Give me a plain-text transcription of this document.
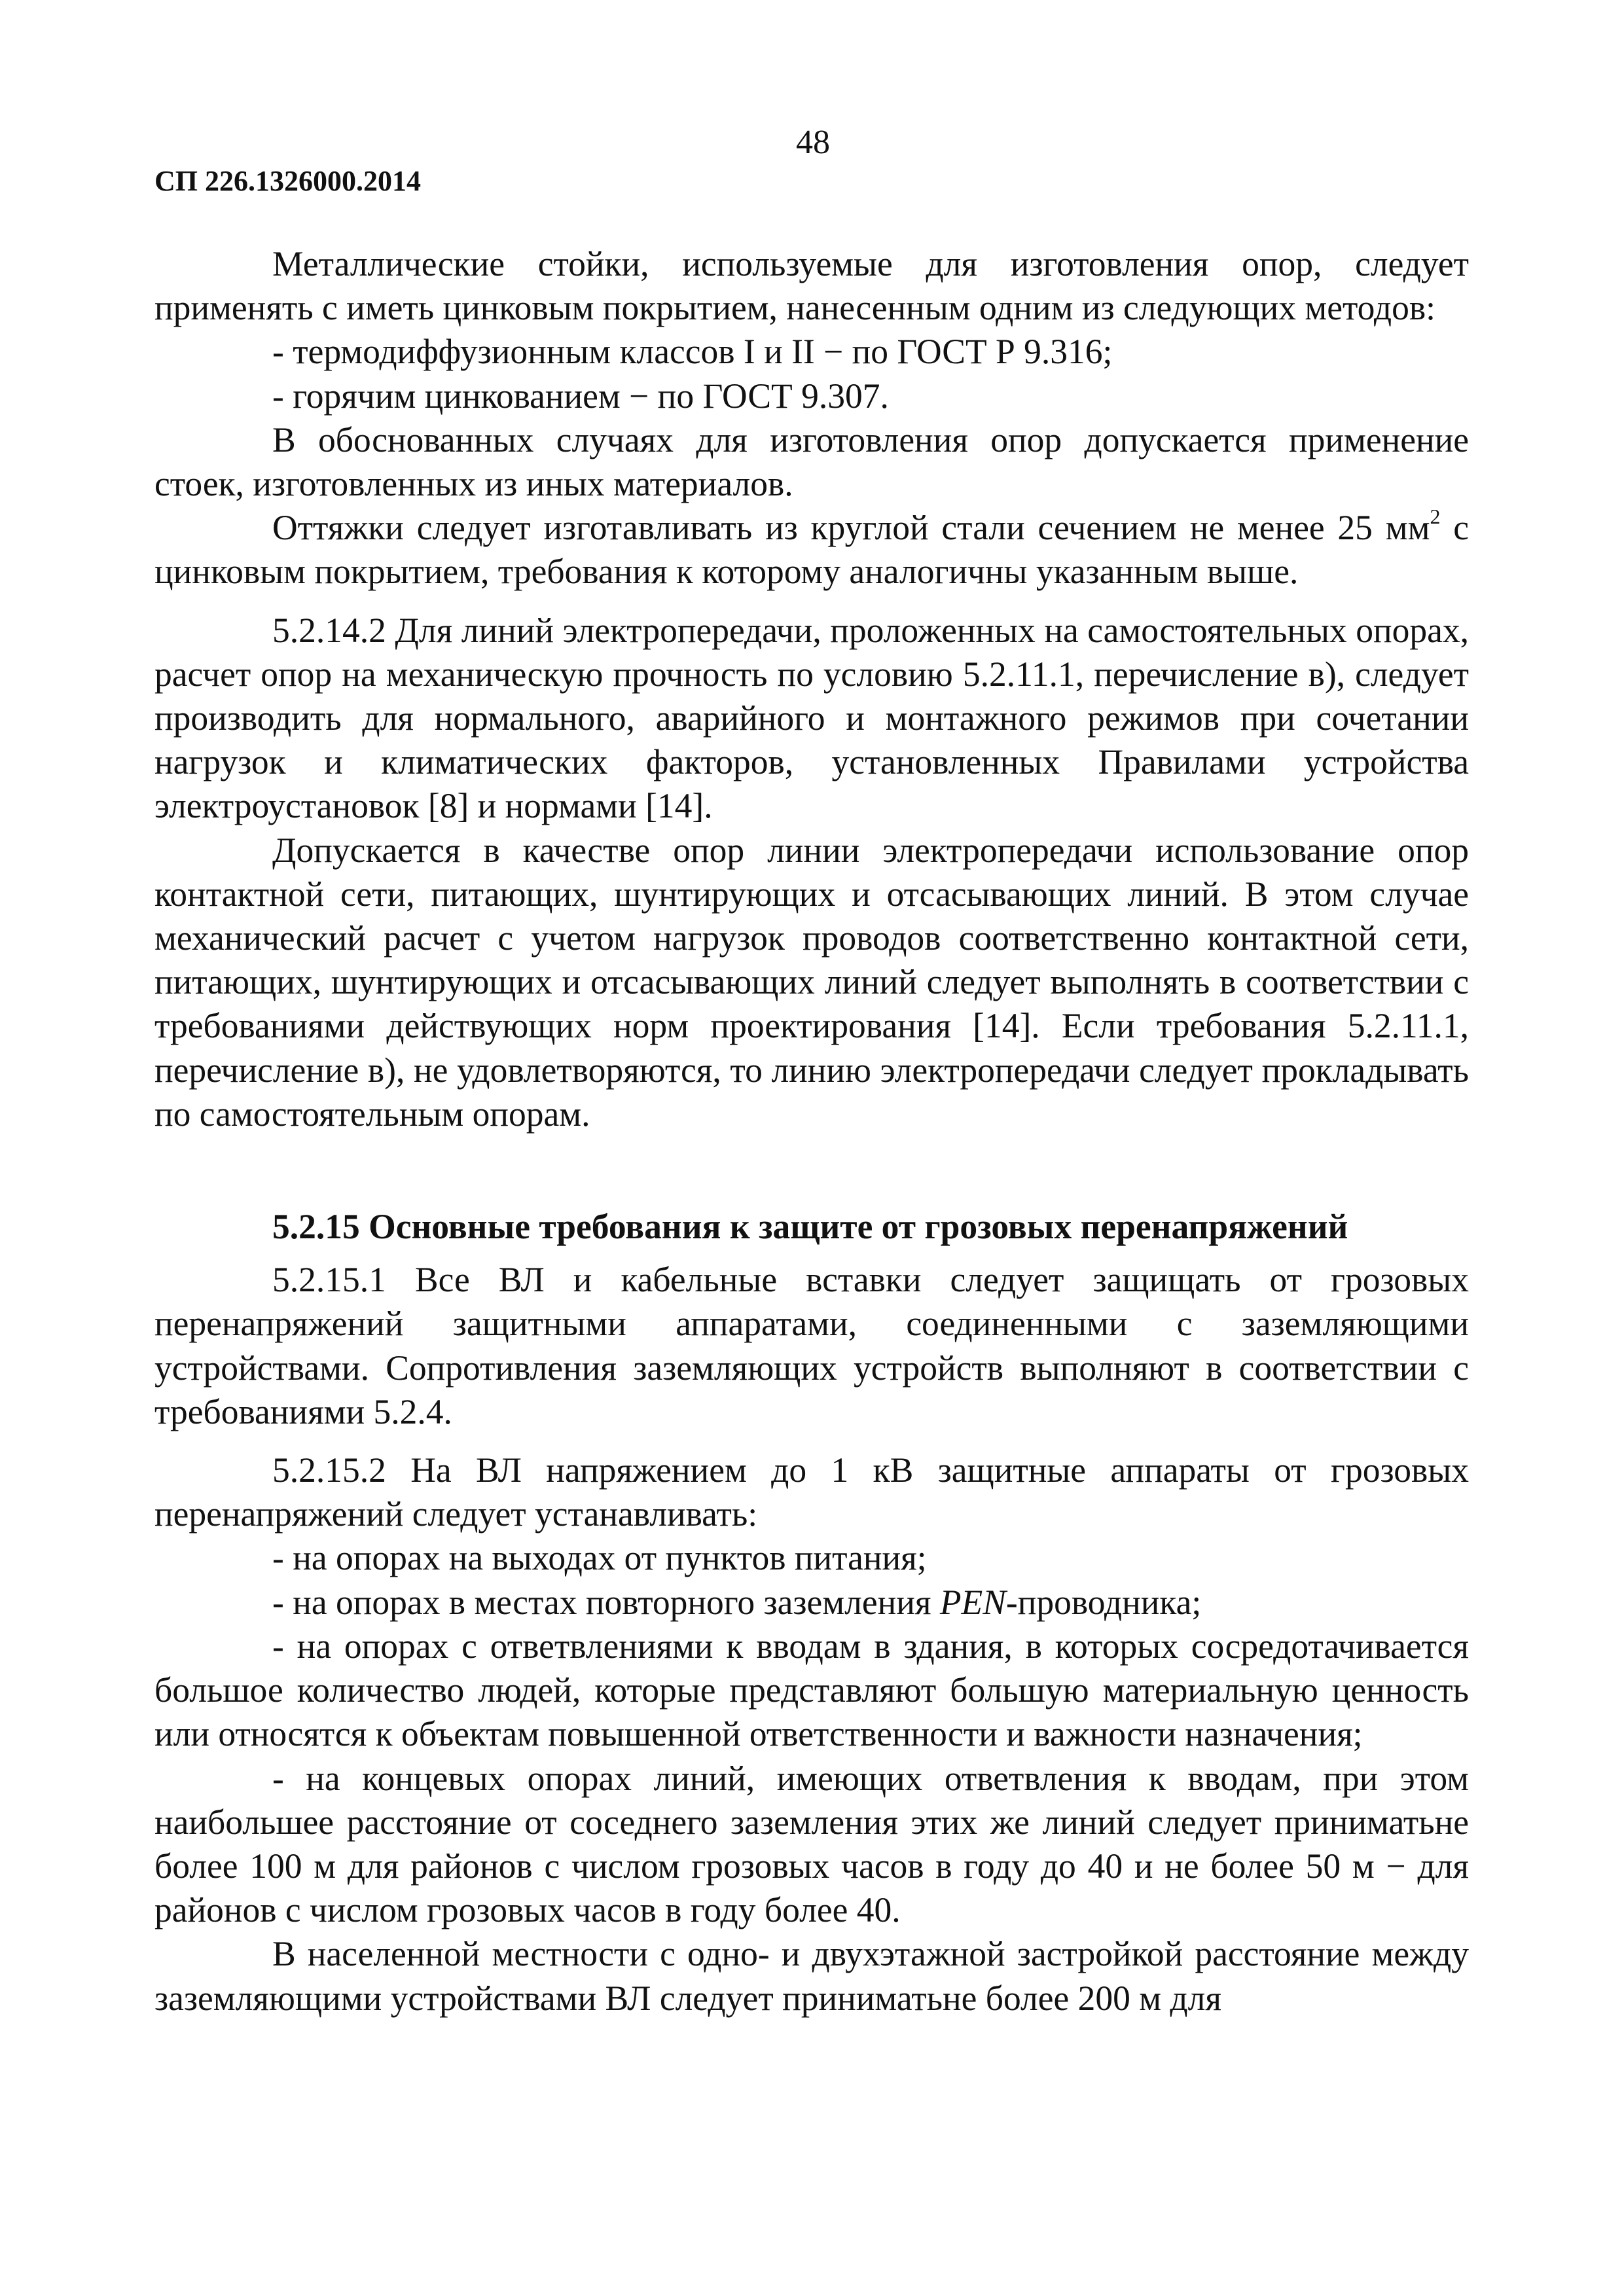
48
СП 226.1326000.2014

Металлические стойки, используемые для изготовления опор, следует применять с иметь цинковым покрытием, нанесенным одним из следующих методов:

- термодиффузионным классов I и II − по ГОСТ Р 9.316;

- горячим цинкованием − по ГОСТ 9.307.

В обоснованных случаях для изготовления опор допускается применение стоек, изготовленных из иных материалов.

Оттяжки следует изготавливать из круглой стали сечением не менее 25 $мм^2$ с цинковым покрытием, требования к которому аналогичны указанным выше.

5.2.14.2 Для линий электропередачи, проложенных на самостоятельных опорах, расчет опор на механическую прочность по условию 5.2.11.1, перечисление в), следует производить для нормального, аварийного и монтажного режимов при сочетании нагрузок и климатических факторов, установленных Правилами устройства электроустановок [8] и нормами [14].

Допускается в качестве опор линии электропередачи использование опор контактной сети, питающих, шунтирующих и отсасывающих линий. В этом случае механический расчет с учетом нагрузок проводов соответственно контактной сети, питающих, шунтирующих и отсасывающих линий следует выполнять в соответствии с требованиями действующих норм проектирования [14]. Если требования 5.2.11.1, перечисление в), не удовлетворяются, то линию электропередачи следует прокладывать по самостоятельным опорам.

5.2.15 Основные требования к защите от грозовых перенапряжений

5.2.15.1 Все ВЛ и кабельные вставки следует защищать от грозовых перенапряжений защитными аппаратами, соединенными с заземляющими устройствами. Сопротивления заземляющих устройств выполняют в соответствии с требованиями 5.2.4.

5.2.15.2 На ВЛ напряжением до 1 кВ защитные аппараты от грозовых перенапряжений следует устанавливать:

- на опорах на выходах от пунктов питания;

- на опорах в местах повторного заземления PEN-проводника;

- на опорах с ответвлениями к вводам в здания, в которых сосредотачивается большое количество людей, которые представляют большую материальную ценность или относятся к объектам повышенной ответственности и важности назначения;

- на концевых опорах линий, имеющих ответвления к вводам, при этом наибольшее расстояние от соседнего заземления этих же линий следует приниматьне более 100 м для районов с числом грозовых часов в году до 40 и не более 50 м − для районов с числом грозовых часов в году более 40.

В населенной местности с одно- и двухэтажной застройкой расстояние между заземляющими устройствами ВЛ следует приниматьне более 200 м для
